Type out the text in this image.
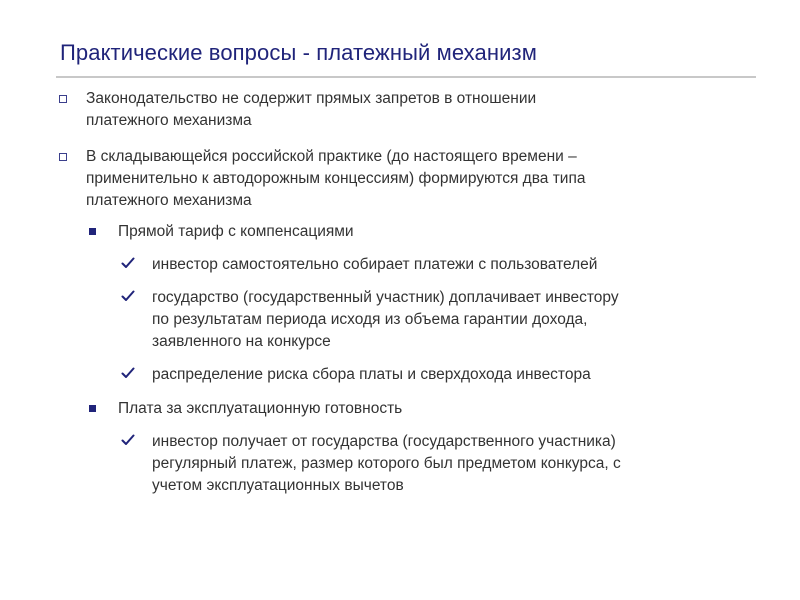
Практические вопросы - платежный механизм
Законодательство не содержит прямых запретов в отношении
платежного механизма
В складывающейся российской практике (до настоящего времени –
применительно к автодорожным концессиям) формируются два типа
платежного механизма
Прямой тариф с компенсациями
инвестор самостоятельно собирает платежи с пользователей
государство (государственный участник) доплачивает инвестору
по результатам периода исходя из объема гарантии дохода,
заявленного на конкурсе
распределение риска сбора платы и сверхдохода инвестора
Плата за эксплуатационную готовность
инвестор получает от государства (государственного участника)
регулярный платеж, размер которого был предметом конкурса, с
учетом эксплуатационных вычетов
